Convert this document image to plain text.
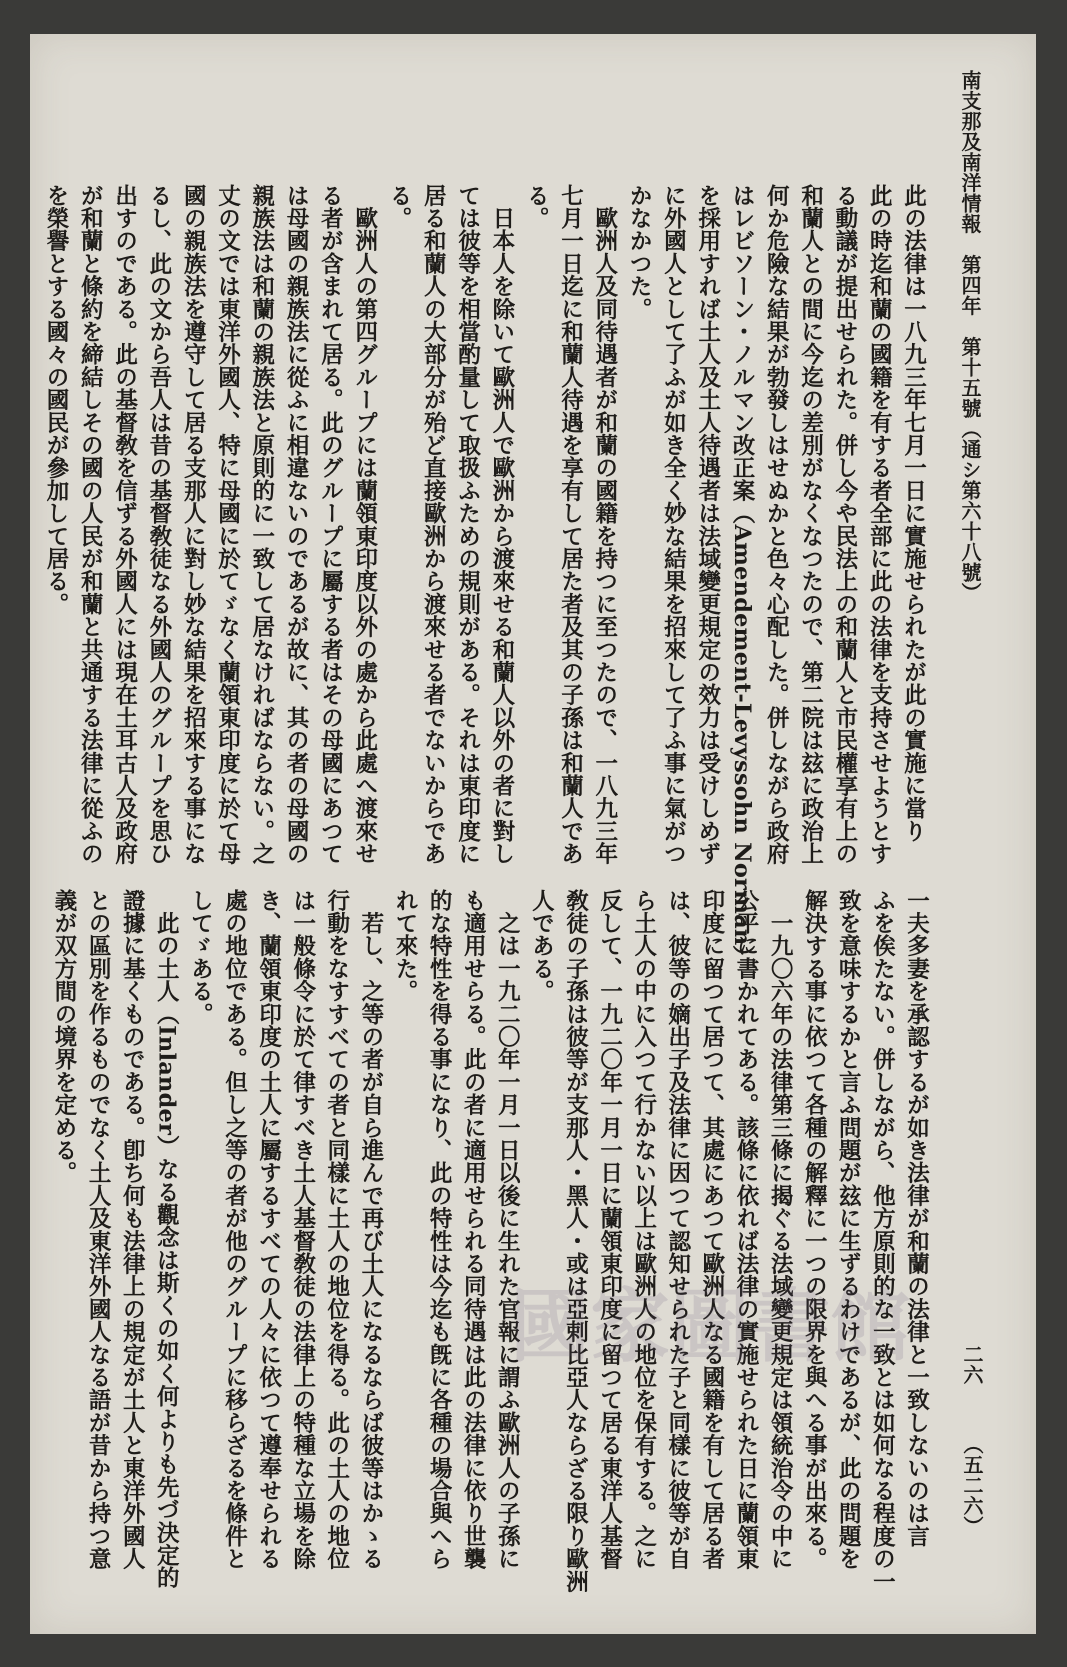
南支那及南洋情報　第四年　第十五號（通シ第六十八號）
二六
（五二六）
此の法律は一八九三年七月一日に實施せられたが此の實施に當り
此の時迄和蘭の國籍を有する者全部に此の法律を支持させようとす
る動議が提出せられた。併し今や民法上の和蘭人と市民權享有上の
和蘭人との間に今迄の差別がなくなつたので、第二院は玆に政治上
何か危險な結果が勃發しはせぬかと色々心配した。併しながら政府
はレビソーン・ノルマン改正案（Amendement-Levyssohn Norman）
を採用すれば土人及土人待遇者は法域變更規定の效力は受けしめず
に外國人として了ふが如き全く妙な結果を招來して了ふ事に氣がつ
かなかつた。
　歐洲人及同待遇者が和蘭の國籍を持つに至つたので、一八九三年
七月一日迄に和蘭人待遇を享有して居た者及其の子孫は和蘭人であ
る。
　日本人を除いて歐洲人で歐洲から渡來せる和蘭人以外の者に對し
ては彼等を相當酌量して取扱ふための規則がある。それは東印度に
居る和蘭人の大部分が殆ど直接歐洲から渡來せる者でないからであ
る。
　歐洲人の第四グループには蘭領東印度以外の處から此處へ渡來せ
る者が含まれて居る。此のグループに屬する者はその母國にあつて
は母國の親族法に從ふに相違ないのであるが故に、其の者の母國の
親族法は和蘭の親族法と原則的に一致して居なければならない。之
丈の文では東洋外國人、特に母國に於てゞなく蘭領東印度に於て母
國の親族法を遵守して居る支那人に對し妙な結果を招來する事にな
るし、此の文から吾人は昔の基督敎徒なる外國人のグループを思ひ
出すのである。此の基督敎を信ずる外國人には現在土耳古人及政府
が和蘭と條約を締結しその國の人民が和蘭と共通する法律に從ふの
を榮譽とする國々の國民が參加して居る。
一夫多妻を承認するが如き法律が和蘭の法律と一致しないのは言
ふを俟たない。併しながら、他方原則的な一致とは如何なる程度の一
致を意味するかと言ふ問題が玆に生ずるわけであるが、此の問題を
解決する事に依つて各種の解釋に一つの限界を與へる事が出來る。
　一九〇六年の法律第三條に揭ぐる法域變更規定は領統治令の中に
公平に書かれてある。該條に依れば法律の實施せられた日に蘭領東
印度に留つて居つて、其處にあつて歐洲人なる國籍を有して居る者
は、彼等の嫡出子及法律に因つて認知せられた子と同樣に彼等が自
ら土人の中に入つて行かない以上は歐洲人の地位を保有する。之に
反して、一九二〇年一月一日に蘭領東印度に留つて居る東洋人基督
敎徒の子孫は彼等が支那人・黑人・或は亞剌比亞人ならざる限り歐洲
人である。
　之は一九二〇年一月一日以後に生れた官報に謂ふ歐洲人の子孫に
も適用せらる。此の者に適用せられる同待遇は此の法律に依り世襲
的な特性を得る事になり、此の特性は今迄も旣に各種の場合與へら
れて來た。
　若し、之等の者が自ら進んで再び土人になるならば彼等はかゝる
行動をなすすべての者と同樣に土人の地位を得る。此の土人の地位
は一般條令に於て律すべき土人基督敎徒の法律上の特種な立場を除
き、蘭領東印度の土人に屬するすべての人々に依つて遵奉せられる
處の地位である。但し之等の者が他のグループに移らざるを條件と
してゞある。
　此の土人（Inlander）なる觀念は斯くの如く何よりも先づ決定的
證據に基くものである。卽ち何も法律上の規定が土人と東洋外國人
との區別を作るものでなく土人及東洋外國人なる語が昔から持つ意
義が双方間の境界を定める。
國家圖書館
